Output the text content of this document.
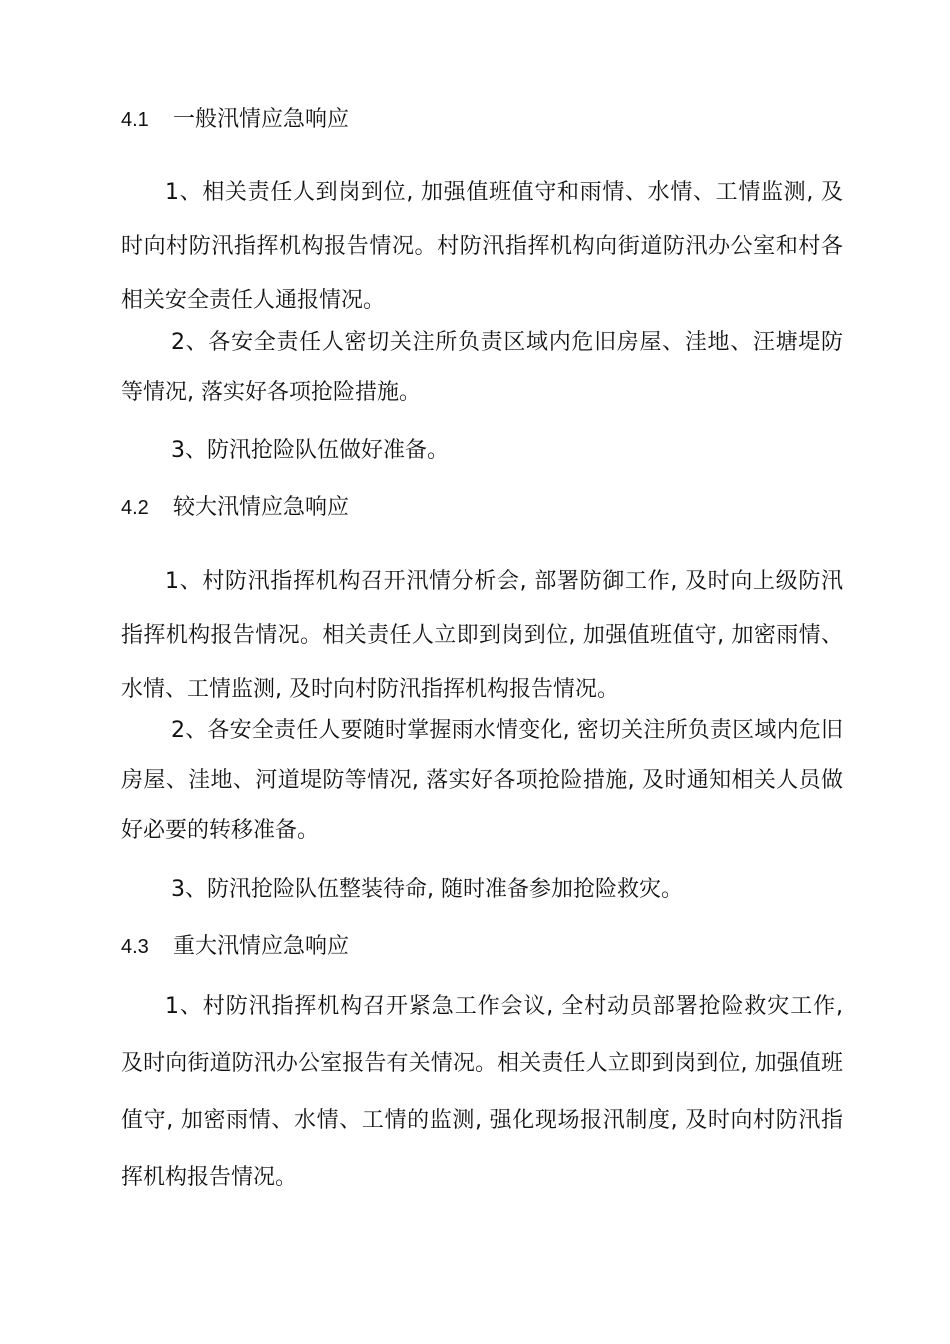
4.1 一般汛情应急响应

1、相关责任人到岗到位, 加强值班值守和雨情、水情、工情监测, 及时向村防汛指挥机构报告情况。村防汛指挥机构向街道防汛办公室和村各相关安全责任人通报情况。

2、各安全责任人密切关注所负责区域内危旧房屋、洼地、汪塘堤防等情况, 落实好各项抢险措施。

3、防汛抢险队伍做好准备。

4.2 较大汛情应急响应

1、村防汛指挥机构召开汛情分析会, 部署防御工作, 及时向上级防汛指挥机构报告情况。相关责任人立即到岗到位, 加强值班值守, 加密雨情、水情、工情监测, 及时向村防汛指挥机构报告情况。

2、各安全责任人要随时掌握雨水情变化, 密切关注所负责区域内危旧房屋、洼地、河道堤防等情况, 落实好各项抢险措施, 及时通知相关人员做好必要的转移准备。

3、防汛抢险队伍整装待命, 随时准备参加抢险救灾。

4.3 重大汛情应急响应

1、村防汛指挥机构召开紧急工作会议, 全村动员部署抢险救灾工作, 及时向街道防汛办公室报告有关情况。相关责任人立即到岗到位, 加强值班值守, 加密雨情、水情、工情的监测, 强化现场报汛制度, 及时向村防汛指挥机构报告情况。
